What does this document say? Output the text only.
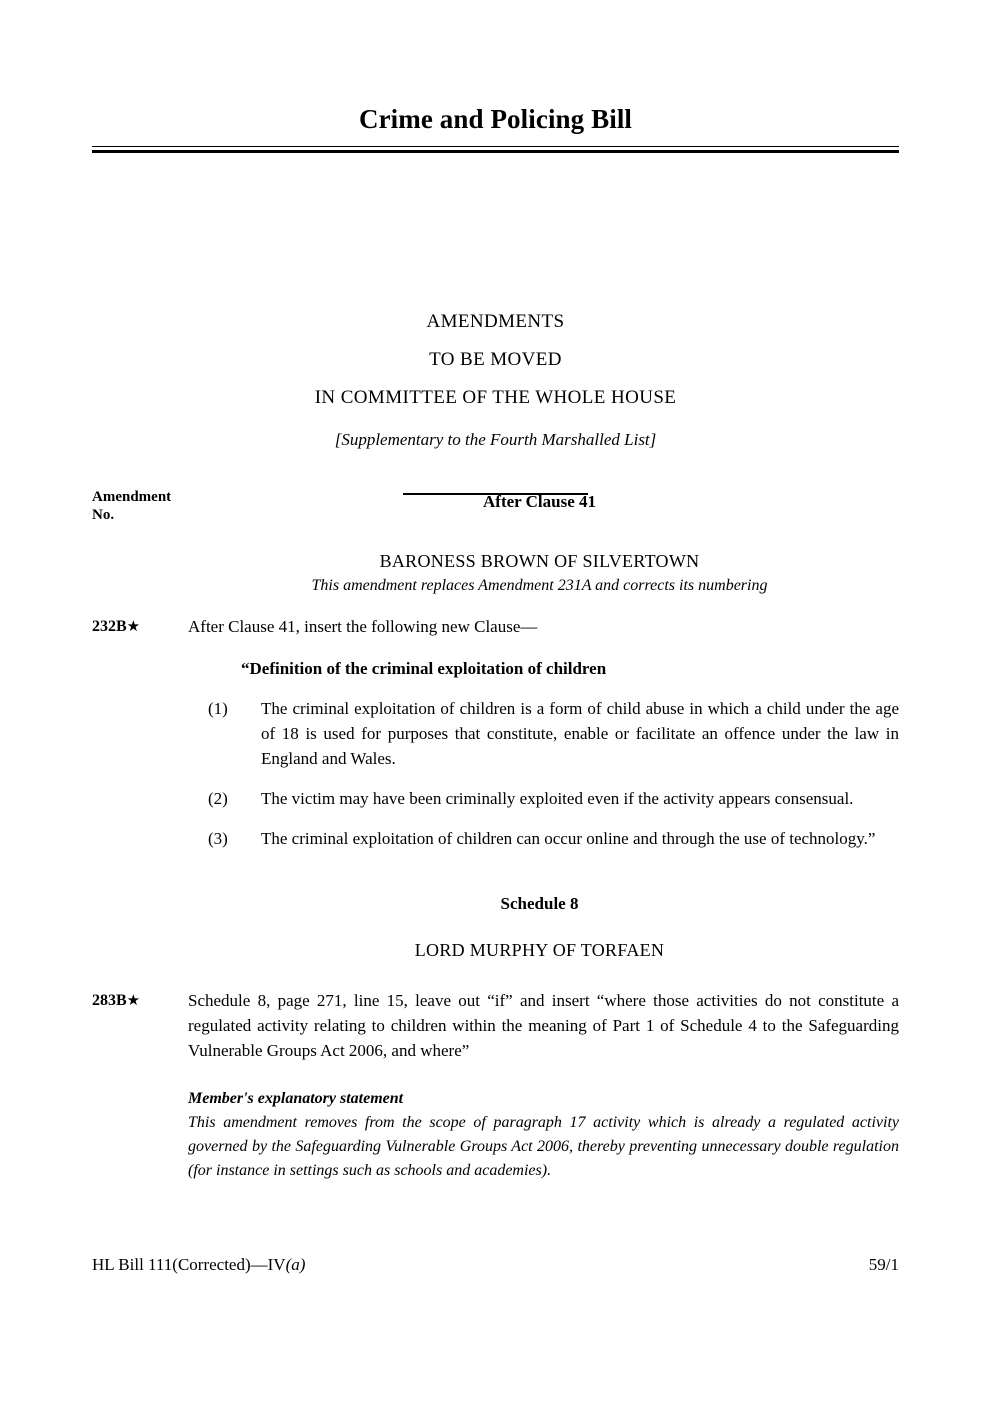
Crime and Policing Bill
AMENDMENTS
TO BE MOVED
IN COMMITTEE OF THE WHOLE HOUSE
[Supplementary to the Fourth Marshalled List]
Amendment
No.
After Clause 41
BARONESS BROWN OF SILVERTOWN
This amendment replaces Amendment 231A and corrects its numbering
232B★	After Clause 41, insert the following new Clause—
“Definition of the criminal exploitation of children
(1)	The criminal exploitation of children is a form of child abuse in which a child under the age of 18 is used for purposes that constitute, enable or facilitate an offence under the law in England and Wales.
(2)	The victim may have been criminally exploited even if the activity appears consensual.
(3)	The criminal exploitation of children can occur online and through the use of technology.”
Schedule 8
LORD MURPHY OF TORFAEN
283B★	Schedule 8, page 271, line 15, leave out “if” and insert “where those activities do not constitute a regulated activity relating to children within the meaning of Part 1 of Schedule 4 to the Safeguarding Vulnerable Groups Act 2006, and where”
Member's explanatory statement
This amendment removes from the scope of paragraph 17 activity which is already a regulated activity governed by the Safeguarding Vulnerable Groups Act 2006, thereby preventing unnecessary double regulation (for instance in settings such as schools and academies).
HL Bill 111(Corrected)—IV(a)	59/1
